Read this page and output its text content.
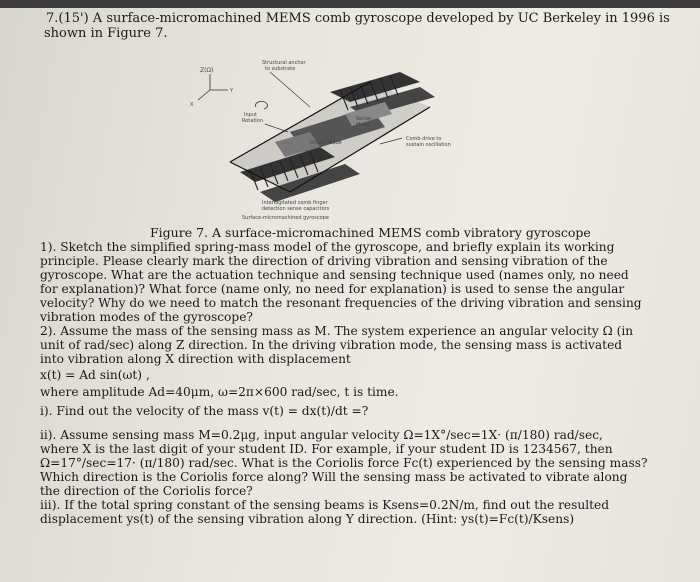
7.(15') A surface-micromachined MEMS comb gyroscope developed by UC Berkeley in 1996 is
shown in Figure 7.
Z(Ω)
Y
X
Structural anchor
to substrate
Input
Rotation	Sense
Mode
Driven Mode
Comb drive to
sustain oscillation
Interdigitated comb finger
detection sense capacitors
Surface-micromachined gyroscope
Figure 7. A surface-micromachined MEMS comb vibratory gyroscope
1). Sketch the simplified spring-mass model of the gyroscope, and briefly explain its working
principle. Please clearly mark the direction of driving vibration and sensing vibration of the
gyroscope. What are the actuation technique and sensing technique used (names only, no need
for explanation)? What force (name only, no need for explanation) is used to sense the angular
velocity? Why do we need to match the resonant frequencies of the driving vibration and sensing
vibration modes of the gyroscope?
2). Assume the mass of the sensing mass as M. The system experience an angular velocity Ω (in
unit of rad/sec) along Z direction. In the driving vibration mode, the sensing mass is activated
into vibration along X direction with displacement
x(t) = Ad sin(ωt) ,
where amplitude Ad=40μm, ω=2π×600 rad/sec, t is time.
i). Find out the velocity of the mass v(t) = dx(t)/dt =?
ii). Assume sensing mass M=0.2μg, input angular velocity Ω=1X°/sec=1X· (π/180) rad/sec,
where X is the last digit of your student ID. For example, if your student ID is 1234567, then
Ω=17°/sec=17· (π/180) rad/sec. What is the Coriolis force Fc(t) experienced by the sensing mass?
Which direction is the Coriolis force along? Will the sensing mass be activated to vibrate along
the direction of the Coriolis force?
iii). If the total spring constant of the sensing beams is Ksens=0.2N/m, find out the resulted
displacement ys(t) of the sensing vibration along Y direction. (Hint: ys(t)=Fc(t)/Ksens)
